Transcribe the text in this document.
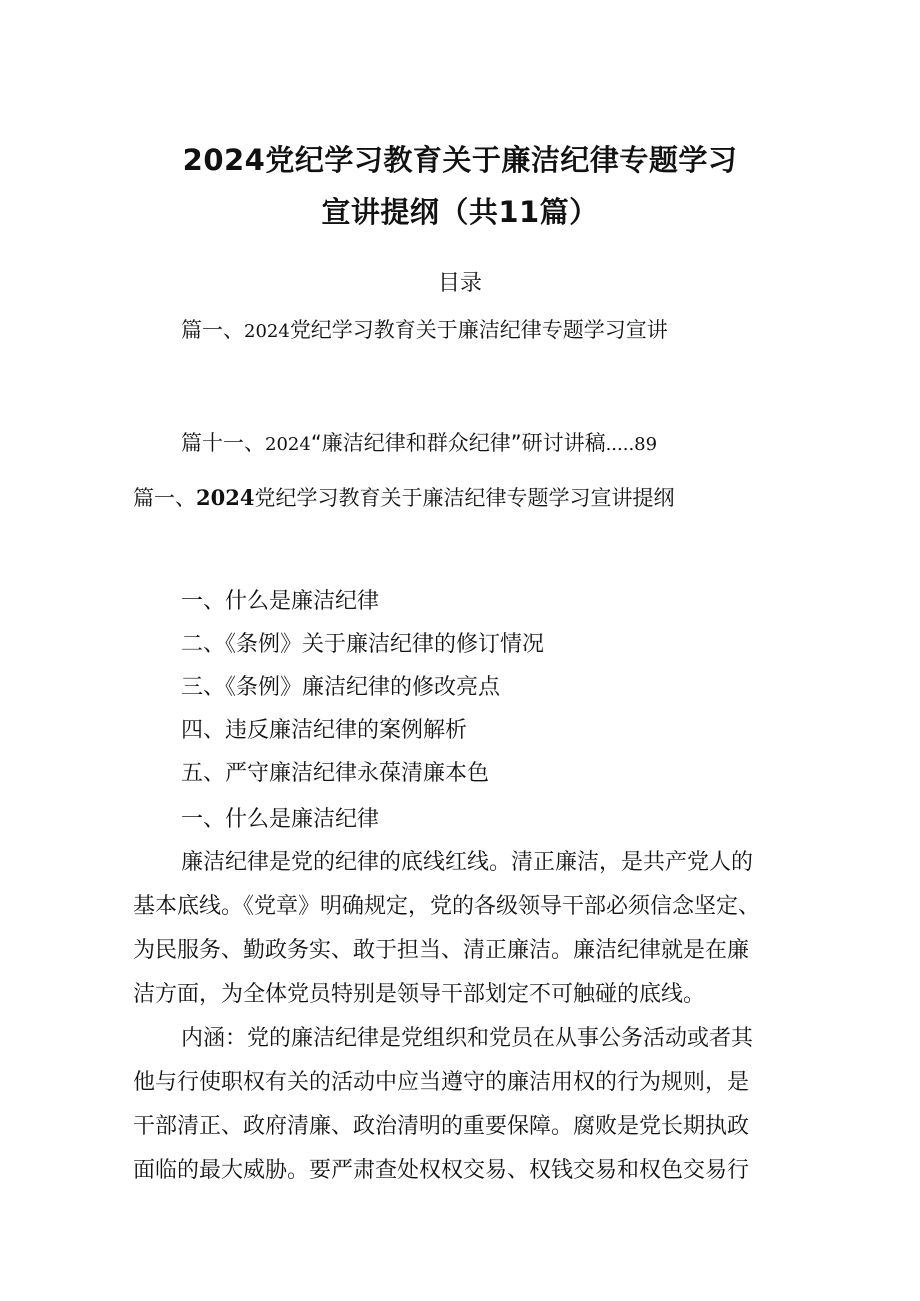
2024党纪学习教育关于廉洁纪律专题学习
宣讲提纲（共11篇）
目录
篇一、2024党纪学习教育关于廉洁纪律专题学习宣讲
篇十一、2024“廉洁纪律和群众纪律”研讨讲稿.....89
篇一、2024党纪学习教育关于廉洁纪律专题学习宣讲提纲
一、什么是廉洁纪律
二、《条例》关于廉洁纪律的修订情况
三、《条例》廉洁纪律的修改亮点
四、违反廉洁纪律的案例解析
五、严守廉洁纪律永葆清廉本色
一、什么是廉洁纪律
廉洁纪律是党的纪律的底线红线。清正廉洁，是共产党人的
基本底线。《党章》明确规定，党的各级领导干部必须信念坚定、
为民服务、勤政务实、敢于担当、清正廉洁。廉洁纪律就是在廉
洁方面，为全体党员特别是领导干部划定不可触碰的底线。
内涵：党的廉洁纪律是党组织和党员在从事公务活动或者其
他与行使职权有关的活动中应当遵守的廉洁用权的行为规则，是
干部清正、政府清廉、政治清明的重要保障。腐败是党长期执政
面临的最大威胁。要严肃查处权权交易、权钱交易和权色交易行
